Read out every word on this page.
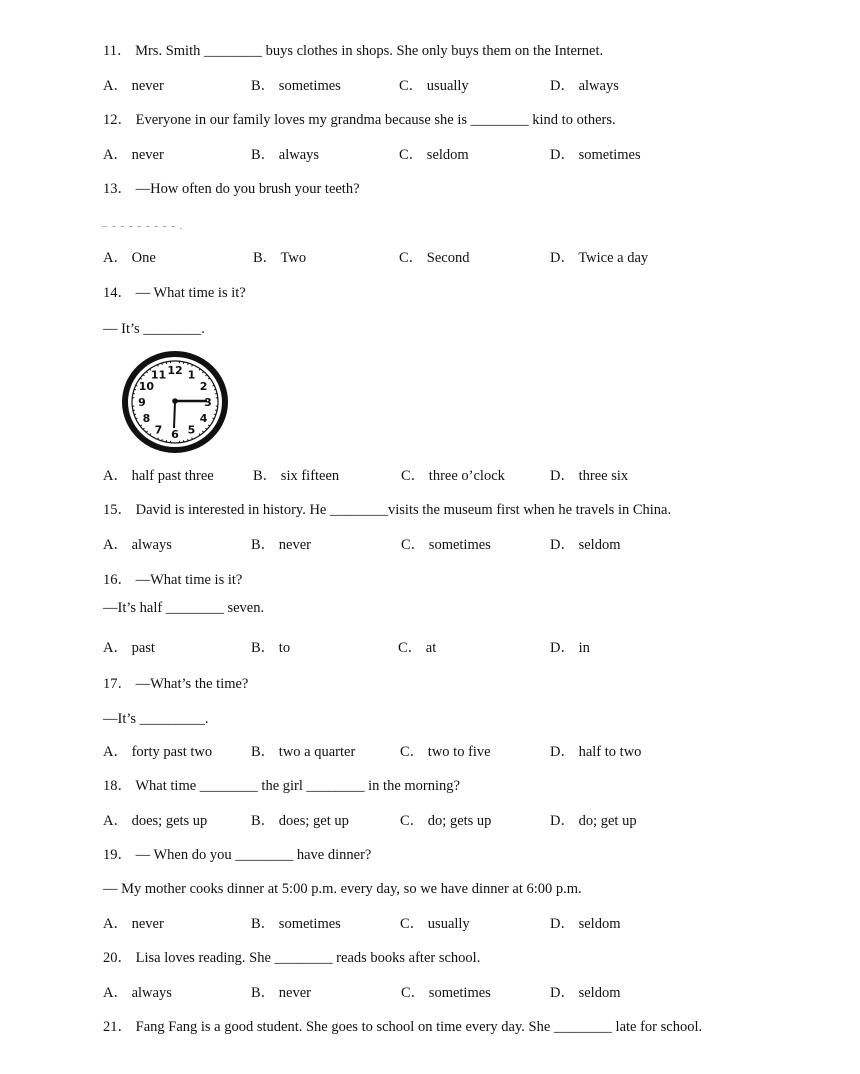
11． Mrs. Smith ________ buys clothes in shops. She only buys them on the Internet.
A． never	B． sometimes	C． usually	D． always
12． Everyone in our family loves my grandma because she is ________ kind to others.
A． never	B． always	C． seldom	D． sometimes
13． —How often do you brush your teeth?
– - - - - - - - - .
A． One	B． Two	C． Second	D． Twice a day
14． — What time is it?
— It’s ________.
12 1
2
3
4
5
6
7
8
9
10
11
A． half past three	B． six fifteen	C． three o’clock	D． three six
15． David is interested in history. He ________visits the museum first when he travels in China.
A． always	B． never	C． sometimes	D． seldom
16． —What time is it?
—It’s half ________ seven.
A． past	B． to	C． at	D． in
17． —What’s the time?
—It’s _________.
A． forty past two	B． two a quarter	C． two to five	D． half to two
18． What time ________ the girl ________ in the morning?
A． does; gets up	B． does; get up	C． do; gets up	D． do; get up
19． — When do you ________ have dinner?
— My mother cooks dinner at 5:00 p.m. every day, so we have dinner at 6:00 p.m.
A． never	B． sometimes	C． usually	D． seldom
20． Lisa loves reading. She ________ reads books after school.
A． always	B． never	C． sometimes	D． seldom
21． Fang Fang is a good student. She goes to school on time every day. She ________ late for school.
